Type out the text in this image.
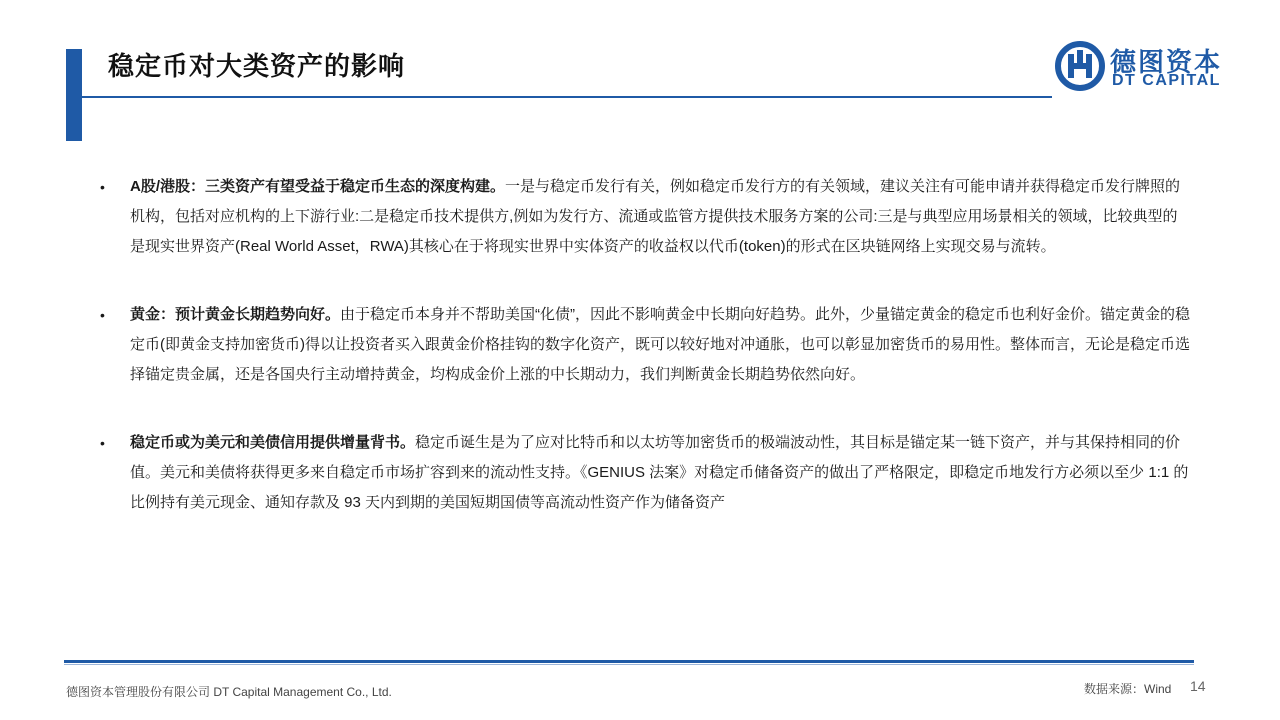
稳定币对大类资产的影响	德图资本
DT CAPITAL
• A股/港股：三类资产有望受益于稳定币生态的深度构建。一是与稳定币发行有关，例如稳定币发行方的有关领域，建议关注有可能申请并获得稳定币发行牌照的机构，包括对应机构的上下游行业:二是稳定币技术提供方,例如为发行方、流通或监管方提供技术服务方案的公司:三是与典型应用场景相关的领域，比较典型的是现实世界资产(Real World Asset，RWA)其核心在于将现实世界中实体资产的收益权以代币(token)的形式在区块链网络上实现交易与流转。
• 黄金：预计黄金长期趋势向好。由于稳定币本身并不帮助美国“化债”，因此不影响黄金中长期向好趋势。此外，少量锚定黄金的稳定币也利好金价。锚定黄金的稳定币(即黄金支持加密货币)得以让投资者买入跟黄金价格挂钩的数字化资产，既可以较好地对冲通胀，也可以彰显加密货币的易用性。整体而言，无论是稳定币选择锚定贵金属，还是各国央行主动增持黄金，均构成金价上涨的中长期动力，我们判断黄金长期趋势依然向好。
• 稳定币或为美元和美债信用提供增量背书。稳定币诞生是为了应对比特币和以太坊等加密货币的极端波动性，其目标是锚定某一链下资产，并与其保持相同的价值。美元和美债将获得更多来自稳定币市场扩容到来的流动性支持。《GENIUS 法案》对稳定币储备资产的做出了严格限定，即稳定币地发行方必须以至少 1:1 的比例持有美元现金、通知存款及 93 天内到期的美国短期国债等高流动性资产作为储备资产
德图资本管理股份有限公司 DT Capital Management Co., Ltd.	数据来源：Wind 14
